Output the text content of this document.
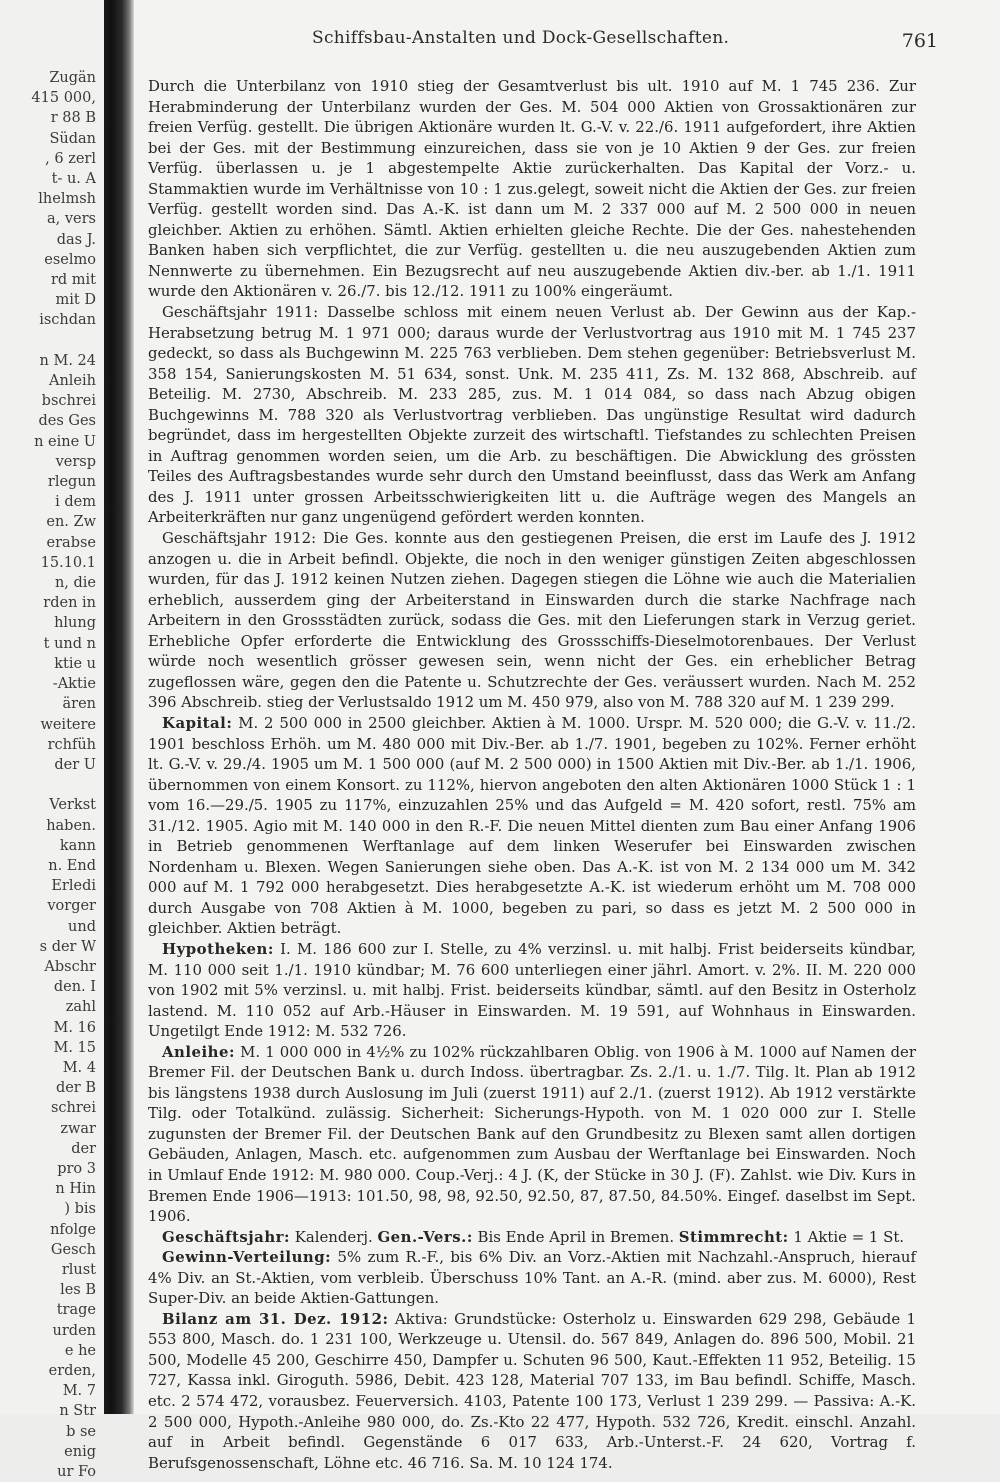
Zugän
415 000,
r 88 B
Südan
, 6 zerl
t- u. A
lhelmsh
a, vers
das J.
eselmo
rd mit
mit D
ischdan

n M. 24
Anleih
bschrei
des Ges
n eine U
versp
rlegun
i dem
en. Zw
erabse
15.10.1
n, die
rden in
hlung
t und n
ktie u
-Aktie
ären
weitere
rchfüh
der U

Verkst
haben.
kann
n. End
Erledi
vorger
und
s der W
Abschr
den. I
zahl
M. 16
M. 15
M. 4
der B
schrei
zwar
der
pro 3
n Hin
) bis
nfolge
Gesch
rlust
les B
trage
urden
e he
erden,
M. 7
n Str
b se
enig
ur Fo
Schiffsbau-Anstalten und Dock-Gesellschaften.	761

Durch die Unterbilanz von 1910 stieg der Gesamtverlust bis ult. 1910 auf M. 1 745 236. Zur Herabminderung der Unterbilanz wurden der Ges. M. 504 000 Aktien von Grossaktionären zur freien Verfüg. gestellt. Die übrigen Aktionäre wurden lt. G.-V. v. 22./6. 1911 aufgefordert, ihre Aktien bei der Ges. mit der Bestimmung einzureichen, dass sie von je 10 Aktien 9 der Ges. zur freien Verfüg. überlassen u. je 1 abgestempelte Aktie zurückerhalten. Das Kapital der Vorz.- u. Stammaktien wurde im Verhältnisse von 10 : 1 zus.gelegt, soweit nicht die Aktien der Ges. zur freien Verfüg. gestellt worden sind. Das A.-K. ist dann um M. 2 337 000 auf M. 2 500 000 in neuen gleichber. Aktien zu erhöhen. Sämtl. Aktien erhielten gleiche Rechte. Die der Ges. nahestehenden Banken haben sich verpflichtet, die zur Verfüg. gestellten u. die neu auszugebenden Aktien zum Nennwerte zu übernehmen. Ein Bezugsrecht auf neu auszugebende Aktien div.-ber. ab 1./1. 1911 wurde den Aktionären v. 26./7. bis 12./12. 1911 zu 100% eingeräumt.

Geschäftsjahr 1911: Dasselbe schloss mit einem neuen Verlust ab. Der Gewinn aus der Kap.-Herabsetzung betrug M. 1 971 000; daraus wurde der Verlustvortrag aus 1910 mit M. 1 745 237 gedeckt, so dass als Buchgewinn M. 225 763 verblieben. Dem stehen gegenüber: Betriebsverlust M. 358 154, Sanierungskosten M. 51 634, sonst. Unk. M. 235 411, Zs. M. 132 868, Abschreib. auf Beteilig. M. 2730, Abschreib. M. 233 285, zus. M. 1 014 084, so dass nach Abzug obigen Buchgewinns M. 788 320 als Verlustvortrag verblieben. Das ungünstige Resultat wird dadurch begründet, dass im hergestellten Objekte zurzeit des wirtschaftl. Tiefstandes zu schlechten Preisen in Auftrag genommen worden seien, um die Arb. zu beschäftigen. Die Abwicklung des grössten Teiles des Auftragsbestandes wurde sehr durch den Umstand beeinflusst, dass das Werk am Anfang des J. 1911 unter grossen Arbeitsschwierigkeiten litt u. die Aufträge wegen des Mangels an Arbeiterkräften nur ganz ungenügend gefördert werden konnten.

Geschäftsjahr 1912: Die Ges. konnte aus den gestiegenen Preisen, die erst im Laufe des J. 1912 anzogen u. die in Arbeit befindl. Objekte, die noch in den weniger günstigen Zeiten abgeschlossen wurden, für das J. 1912 keinen Nutzen ziehen. Dagegen stiegen die Löhne wie auch die Materialien erheblich, ausserdem ging der Arbeiterstand in Einswarden durch die starke Nachfrage nach Arbeitern in den Grossstädten zurück, sodass die Ges. mit den Lieferungen stark in Verzug geriet. Erhebliche Opfer erforderte die Entwicklung des Grossschiffs-Dieselmotorenbaues. Der Verlust würde noch wesentlich grösser gewesen sein, wenn nicht der Ges. ein erheblicher Betrag zugeflossen wäre, gegen den die Patente u. Schutzrechte der Ges. veräussert wurden. Nach M. 252 396 Abschreib. stieg der Verlustsaldo 1912 um M. 450 979, also von M. 788 320 auf M. 1 239 299.

Kapital: M. 2 500 000 in 2500 gleichber. Aktien à M. 1000. Urspr. M. 520 000; die G.-V. v. 11./2. 1901 beschloss Erhöh. um M. 480 000 mit Div.-Ber. ab 1./7. 1901, begeben zu 102%. Ferner erhöht lt. G.-V. v. 29./4. 1905 um M. 1 500 000 (auf M. 2 500 000) in 1500 Aktien mit Div.-Ber. ab 1./1. 1906, übernommen von einem Konsort. zu 112%, hiervon angeboten den alten Aktionären 1000 Stück 1 : 1 vom 16.—29./5. 1905 zu 117%, einzuzahlen 25% und das Aufgeld = M. 420 sofort, restl. 75% am 31./12. 1905. Agio mit M. 140 000 in den R.-F. Die neuen Mittel dienten zum Bau einer Anfang 1906 in Betrieb genommenen Werftanlage auf dem linken Weserufer bei Einswarden zwischen Nordenham u. Blexen. Wegen Sanierungen siehe oben. Das A.-K. ist von M. 2 134 000 um M. 342 000 auf M. 1 792 000 herabgesetzt. Dies herabgesetzte A.-K. ist wiederum erhöht um M. 708 000 durch Ausgabe von 708 Aktien à M. 1000, begeben zu pari, so dass es jetzt M. 2 500 000 in gleichber. Aktien beträgt.

Hypotheken: I. M. 186 600 zur I. Stelle, zu 4% verzinsl. u. mit halbj. Frist beiderseits kündbar, M. 110 000 seit 1./1. 1910 kündbar; M. 76 600 unterliegen einer jährl. Amort. v. 2%. II. M. 220 000 von 1902 mit 5% verzinsl. u. mit halbj. Frist. beiderseits kündbar, sämtl. auf den Besitz in Osterholz lastend. M. 110 052 auf Arb.-Häuser in Einswarden. M. 19 591, auf Wohnhaus in Einswarden. Ungetilgt Ende 1912: M. 532 726.

Anleihe: M. 1 000 000 in 4½% zu 102% rückzahlbaren Oblig. von 1906 à M. 1000 auf Namen der Bremer Fil. der Deutschen Bank u. durch Indoss. übertragbar. Zs. 2./1. u. 1./7. Tilg. lt. Plan ab 1912 bis längstens 1938 durch Auslosung im Juli (zuerst 1911) auf 2./1. (zuerst 1912). Ab 1912 verstärkte Tilg. oder Totalkünd. zulässig. Sicherheit: Sicherungs-Hypoth. von M. 1 020 000 zur I. Stelle zugunsten der Bremer Fil. der Deutschen Bank auf den Grundbesitz zu Blexen samt allen dortigen Gebäuden, Anlagen, Masch. etc. aufgenommen zum Ausbau der Werftanlage bei Einswarden. Noch in Umlauf Ende 1912: M. 980 000. Coup.-Verj.: 4 J. (K, der Stücke in 30 J. (F). Zahlst. wie Div. Kurs in Bremen Ende 1906—1913: 101.50, 98, 98, 92.50, 92.50, 87, 87.50, 84.50%. Eingef. daselbst im Sept. 1906.

Geschäftsjahr: Kalenderj. Gen.-Vers.: Bis Ende April in Bremen. Stimmrecht: 1 Aktie = 1 St.

Gewinn-Verteilung: 5% zum R.-F., bis 6% Div. an Vorz.-Aktien mit Nachzahl.-Anspruch, hierauf 4% Div. an St.-Aktien, vom verbleib. Überschuss 10% Tant. an A.-R. (mind. aber zus. M. 6000), Rest Super-Div. an beide Aktien-Gattungen.

Bilanz am 31. Dez. 1912: Aktiva: Grundstücke: Osterholz u. Einswarden 629 298, Gebäude 1 553 800, Masch. do. 1 231 100, Werkzeuge u. Utensil. do. 567 849, Anlagen do. 896 500, Mobil. 21 500, Modelle 45 200, Geschirre 450, Dampfer u. Schuten 96 500, Kaut.-Effekten 11 952, Beteilig. 15 727, Kassa inkl. Giroguth. 5986, Debit. 423 128, Material 707 133, im Bau befindl. Schiffe, Masch. etc. 2 574 472, vorausbez. Feuerversich. 4103, Patente 100 173, Verlust 1 239 299. — Passiva: A.-K. 2 500 000, Hypoth.-Anleihe 980 000, do. Zs.-Kto 22 477, Hypoth. 532 726, Kredit. einschl. Anzahl. auf in Arbeit befindl. Gegenstände 6 017 633, Arb.-Unterst.-F. 24 620, Vortrag f. Berufsgenossenschaft, Löhne etc. 46 716. Sa. M. 10 124 174.
